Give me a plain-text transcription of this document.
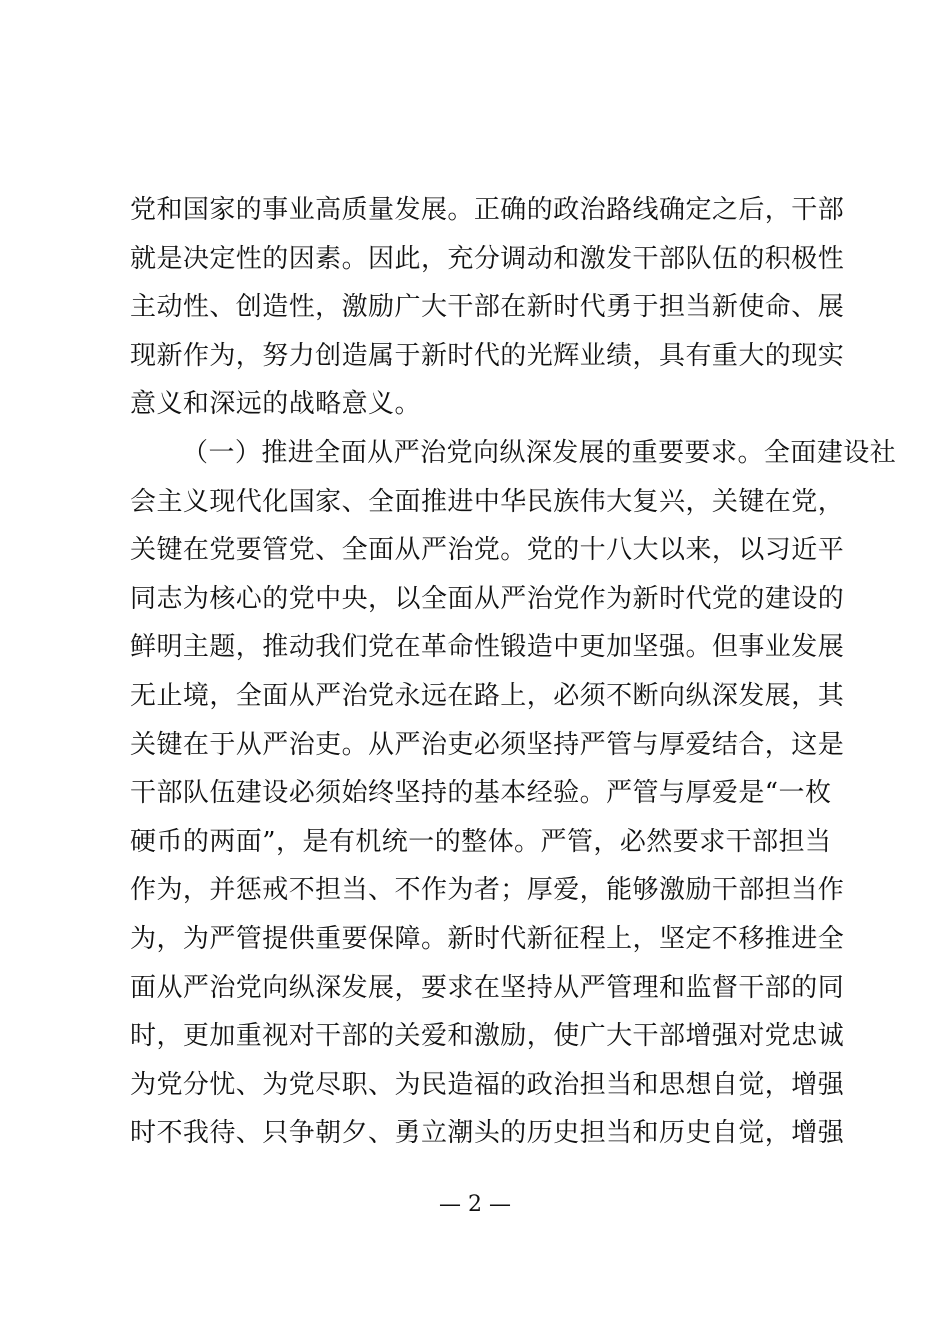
党和国家的事业高质量发展。正确的政治路线确定之后，干部
就是决定性的因素。因此，充分调动和激发干部队伍的积极性
主动性、创造性，激励广大干部在新时代勇于担当新使命、展
现新作为，努力创造属于新时代的光辉业绩，具有重大的现实
意义和深远的战略意义。
（一）推进全面从严治党向纵深发展的重要要求。全面建设社
会主义现代化国家、全面推进中华民族伟大复兴，关键在党，
关键在党要管党、全面从严治党。党的十八大以来，以习近平
同志为核心的党中央，以全面从严治党作为新时代党的建设的
鲜明主题，推动我们党在革命性锻造中更加坚强。但事业发展
无止境，全面从严治党永远在路上，必须不断向纵深发展，其
关键在于从严治吏。从严治吏必须坚持严管与厚爱结合，这是
干部队伍建设必须始终坚持的基本经验。严管与厚爱是“一枚
硬币的两面”，是有机统一的整体。严管，必然要求干部担当
作为，并惩戒不担当、不作为者；厚爱，能够激励干部担当作
为，为严管提供重要保障。新时代新征程上，坚定不移推进全
面从严治党向纵深发展，要求在坚持从严管理和监督干部的同
时，更加重视对干部的关爱和激励，使广大干部增强对党忠诚
为党分忧、为党尽职、为民造福的政治担当和思想自觉，增强
时不我待、只争朝夕、勇立潮头的历史担当和历史自觉，增强
— 2 —
